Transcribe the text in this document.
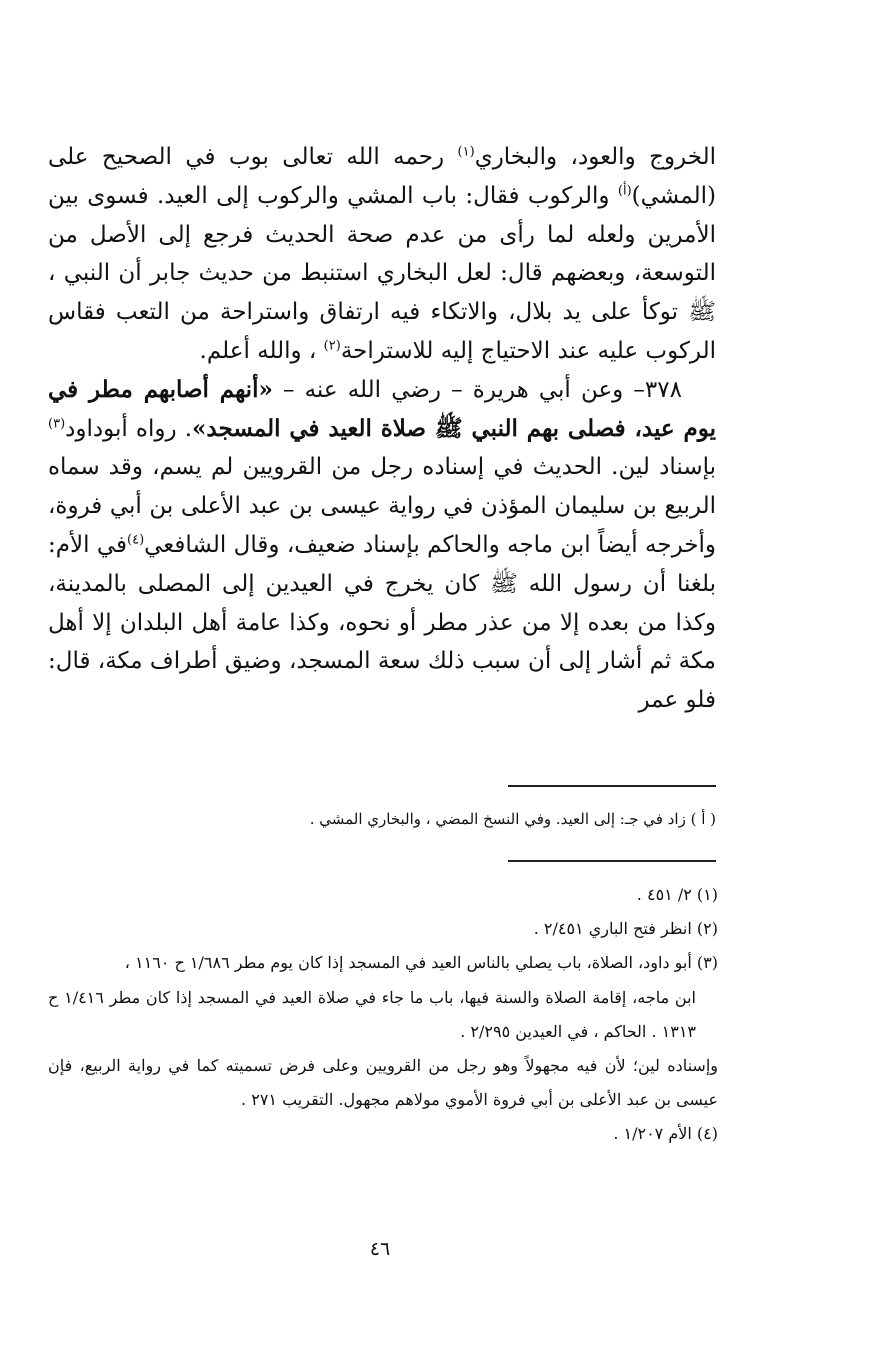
الخروج والعود، والبخاري$^{(١)}$ رحمه الله تعالى بوب في الصحيح على (المشي)$^{(أ)}$ والركوب فقال: باب المشي والركوب إلى العيد. فسوى بين الأمرين ولعله لما رأى من عدم صحة الحديث فرجع إلى الأصل من التوسعة، وبعضهم قال: لعل البخاري استنبط من حديث جابر أن النبي ، ﷺ توكأ على يد بلال، والاتكاء فيه ارتفاق واستراحة من التعب فقاس الركوب عليه عند الاحتياج إليه للاستراحة$^{(٢)}$ ، والله أعلم.

٣٧٨– وعن أبي هريرة – رضي الله عنه – «أنهم أصابهم مطر في يوم عيد، فصلى بهم النبي ﷺ صلاة العيد في المسجد». رواه أبوداود$^{(٣)}$ بإسناد لين. الحديث في إسناده رجل من القرويين لم يسم، وقد سماه الربيع بن سليمان المؤذن في رواية عيسى بن عبد الأعلى بن أبي فروة، وأخرجه أيضاً ابن ماجه والحاكم بإسناد ضعيف، وقال الشافعي$^{(٤)}$في الأم: بلغنا أن رسول الله ﷺ كان يخرج في العيدين إلى المصلى بالمدينة، وكذا من بعده إلا من عذر مطر أو نحوه، وكذا عامة أهل البلدان إلا أهل مكة ثم أشار إلى أن سبب ذلك سعة المسجد، وضيق أطراف مكة، قال: فلو عمر

( أ ) زاد في جـ: إلى العيد. وفي النسخ المضي ، والبخاري المشي .

(١) ٢/ ٤٥١ .

(٢) انظر فتح الباري ٢/٤٥١ .

(٣) أبو داود، الصلاة، باب يصلي بالناس العيد في المسجد إذا كان يوم مطر ١/٦٨٦ ح ١١٦٠ ،

ابن ماجه، إقامة الصلاة والسنة فيها، باب ما جاء في صلاة العيد في المسجد إذا كان مطر ١/٤١٦ ح ١٣١٣ . الحاكم ، في العيدين ٢/٢٩٥ .

وإسناده لين؛ لأن فيه مجهولاً وهو رجل من القرويين وعلى فرض تسميته كما في رواية الربيع، فإن عيسى بن عبد الأعلى بن أبي فروة الأموي مولاهم مجهول. التقريب ٢٧١ .

(٤) الأم ١/٢٠٧ .

٤٦
